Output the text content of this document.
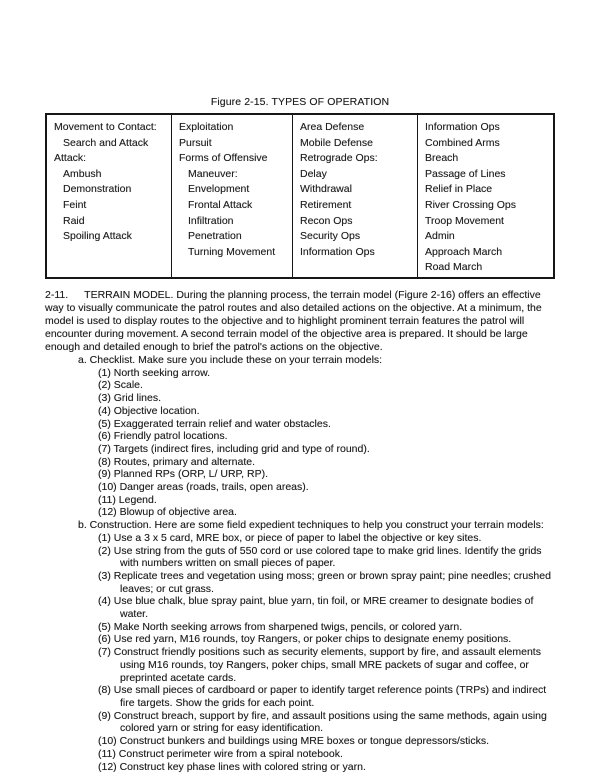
Figure 2-15. TYPES OF OPERATION
Movement to Contact:
Search and Attack
Attack:
Ambush
Demonstration
Feint
Raid
Spoiling Attack
Exploitation
Pursuit
Forms of Offensive
Maneuver:
Envelopment
Frontal Attack
Infiltration
Penetration
Turning Movement
Area Defense
Mobile Defense
Retrograde Ops:
Delay
Withdrawal
Retirement
Recon Ops
Security Ops
Information Ops
Information Ops
Combined Arms
Breach
Passage of Lines
Relief in Place
River Crossing Ops
Troop Movement
Admin
Approach March
Road March

2-11. TERRAIN MODEL. During the planning process, the terrain model (Figure 2-16) offers an effective way to visually communicate the patrol routes and also detailed actions on the objective. At a minimum, the model is used to display routes to the objective and to highlight prominent terrain features the patrol will encounter during movement. A second terrain model of the objective area is prepared. It should be large enough and detailed enough to brief the patrol's actions on the objective.

a. Checklist. Make sure you include these on your terrain models:
(1) North seeking arrow.
(2) Scale.
(3) Grid lines.
(4) Objective location.
(5) Exaggerated terrain relief and water obstacles.
(6) Friendly patrol locations.
(7) Targets (indirect fires, including grid and type of round).
(8) Routes, primary and alternate.
(9) Planned RPs (ORP, L/ URP, RP).
(10) Danger areas (roads, trails, open areas).
(11) Legend.
(12) Blowup of objective area.
b. Construction. Here are some field expedient techniques to help you construct your terrain models:
(1) Use a 3 x 5 card, MRE box, or piece of paper to label the objective or key sites.
(2) Use string from the guts of 550 cord or use colored tape to make grid lines. Identify the grids with numbers written on small pieces of paper.
(3) Replicate trees and vegetation using moss; green or brown spray paint; pine needles; crushed leaves; or cut grass.
(4) Use blue chalk, blue spray paint, blue yarn, tin foil, or MRE creamer to designate bodies of water.
(5) Make North seeking arrows from sharpened twigs, pencils, or colored yarn.
(6) Use red yarn, M16 rounds, toy Rangers, or poker chips to designate enemy positions.
(7) Construct friendly positions such as security elements, support by fire, and assault elements using M16 rounds, toy Rangers, poker chips, small MRE packets of sugar and coffee, or preprinted acetate cards.
(8) Use small pieces of cardboard or paper to identify target reference points (TRPs) and indirect fire targets. Show the grids for each point.
(9) Construct breach, support by fire, and assault positions using the same methods, again using colored yarn or string for easy identification.
(10) Construct bunkers and buildings using MRE boxes or tongue depressors/sticks.
(11) Construct perimeter wire from a spiral notebook.
(12) Construct key phase lines with colored string or yarn.
